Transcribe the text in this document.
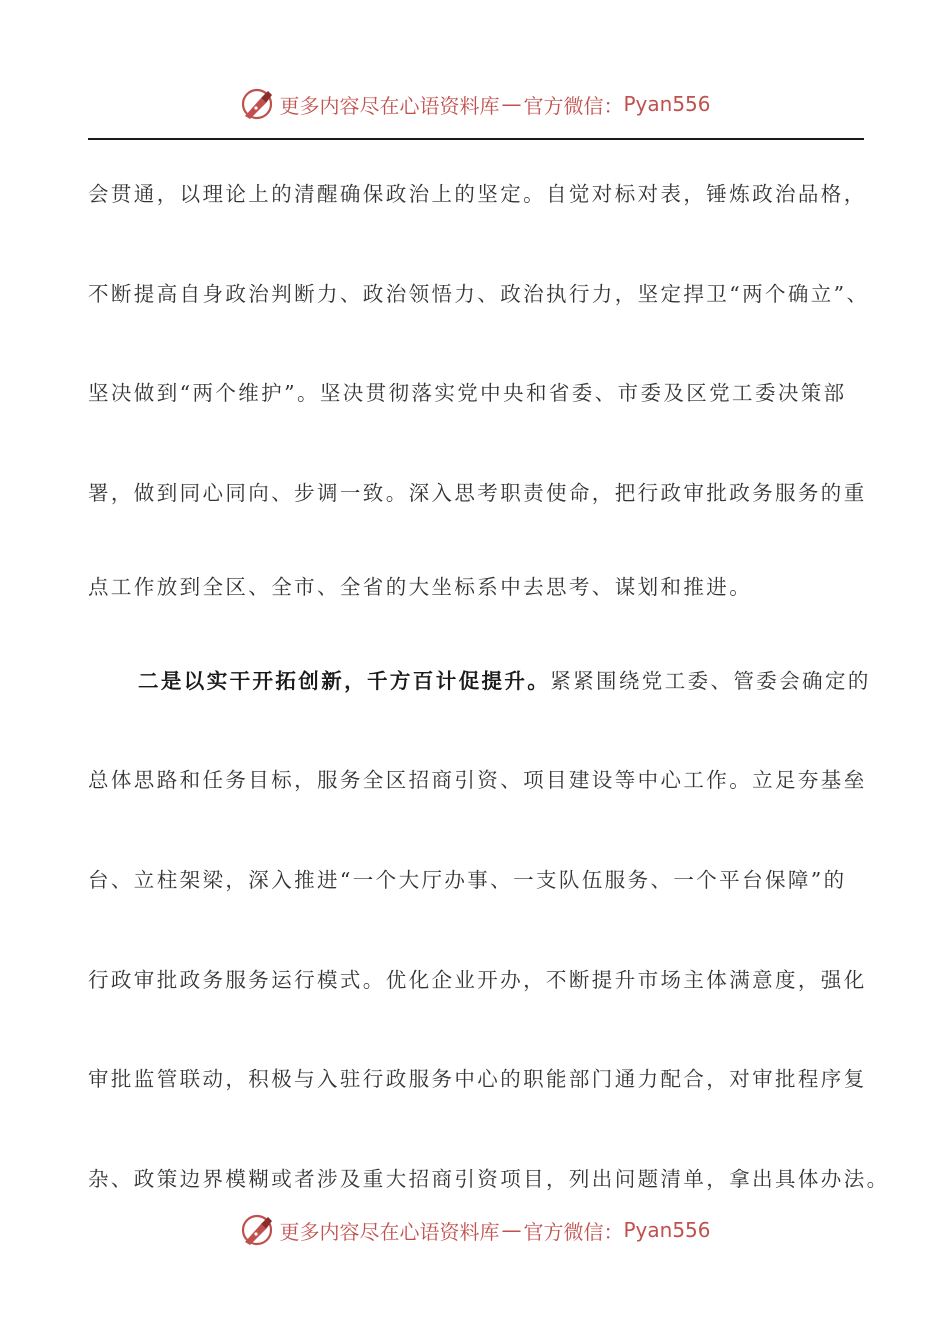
更多内容尽在心语资料库 — 官方微信： Pyan556
会贯通，以理论上的清醒确保政治上的坚定。自觉对标对表，锤炼政治品格，
不断提高自身政治判断力、政治领悟力、政治执行力，坚定捍卫“两个确立”、
坚决做到“两个维护”。坚决贯彻落实党中央和省委、市委及区党工委决策部
署，做到同心同向、步调一致。深入思考职责使命，把行政审批政务服务的重
点工作放到全区、全市、全省的大坐标系中去思考、谋划和推进。
二是以实干开拓创新，千方百计促提升。 紧紧围绕党工委、管委会确定的
总体思路和任务目标，服务全区招商引资、项目建设等中心工作。立足夯基垒
台、立柱架梁，深入推进“一个大厅办事、一支队伍服务、一个平台保障”的
行政审批政务服务运行模式。优化企业开办，不断提升市场主体满意度，强化
审批监管联动，积极与入驻行政服务中心的职能部门通力配合，对审批程序复
杂、政策边界模糊或者涉及重大招商引资项目，列出问题清单，拿出具体办法。
更多内容尽在心语资料库 — 官方微信： Pyan556
